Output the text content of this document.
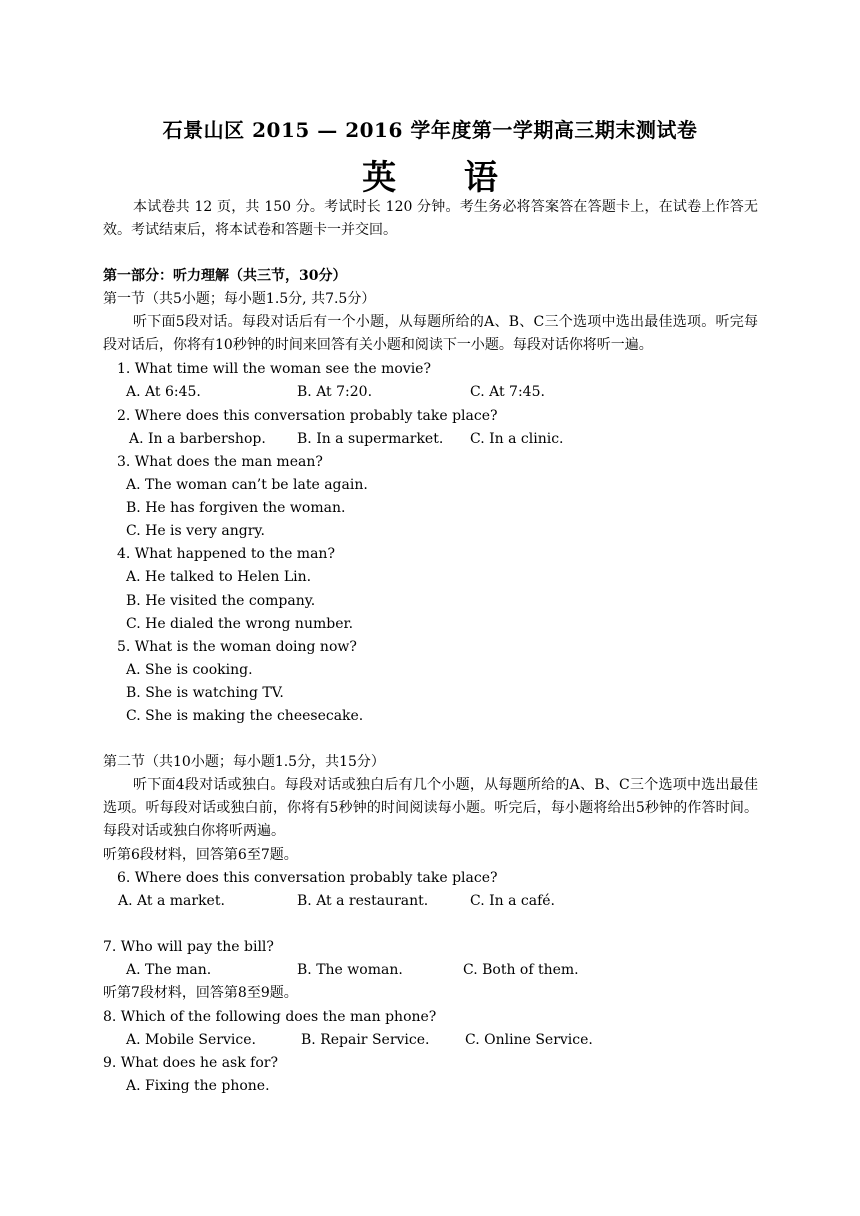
石景山区 2015 — 2016 学年度第一学期高三期末测试卷
英 语
本试卷共 12 页，共 150 分。考试时长 120 分钟。考生务必将答案答在答题卡上，在试卷上作答无效。考试结束后，将本试卷和答题卡一并交回。
第一部分：听力理解（共三节，30分）
第一节（共5小题；每小题1.5分, 共7.5分）
听下面5段对话。每段对话后有一个小题，从每题所给的A、B、C三个选项中选出最佳选项。听完每段对话后，你将有10秒钟的时间来回答有关小题和阅读下一小题。每段对话你将听一遍。
1. What time will the woman see the movie?
A. At 6:45.	B. At 7:20.	C. At 7:45.
2. Where does this conversation probably take place?
A. In a barbershop. B. In a supermarket. C. In a clinic.
3. What does the man mean?
A. The woman can’t be late again.
B. He has forgiven the woman.
C. He is very angry.
4. What happened to the man?
A. He talked to Helen Lin.
B. He visited the company.
C. He dialed the wrong number.
5. What is the woman doing now?
A. She is cooking.
B. She is watching TV.
C. She is making the cheesecake.
第二节（共10小题；每小题1.5分，共15分）
听下面4段对话或独白。每段对话或独白后有几个小题，从每题所给的A、B、C三个选项中选出最佳选项。听每段对话或独白前，你将有5秒钟的时间阅读每小题。听完后，每小题将给出5秒钟的作答时间。每段对话或独白你将听两遍。
听第6段材料，回答第6至7题。
6. Where does this conversation probably take place?
A. At a market.	B. At a restaurant.	C. In a café.
7. Who will pay the bill?
A. The man.	B. The woman.	C. Both of them.
听第7段材料，回答第8至9题。
8. Which of the following does the man phone?
A. Mobile Service.	B. Repair Service.	C. Online Service.
9. What does he ask for?
A. Fixing the phone.
